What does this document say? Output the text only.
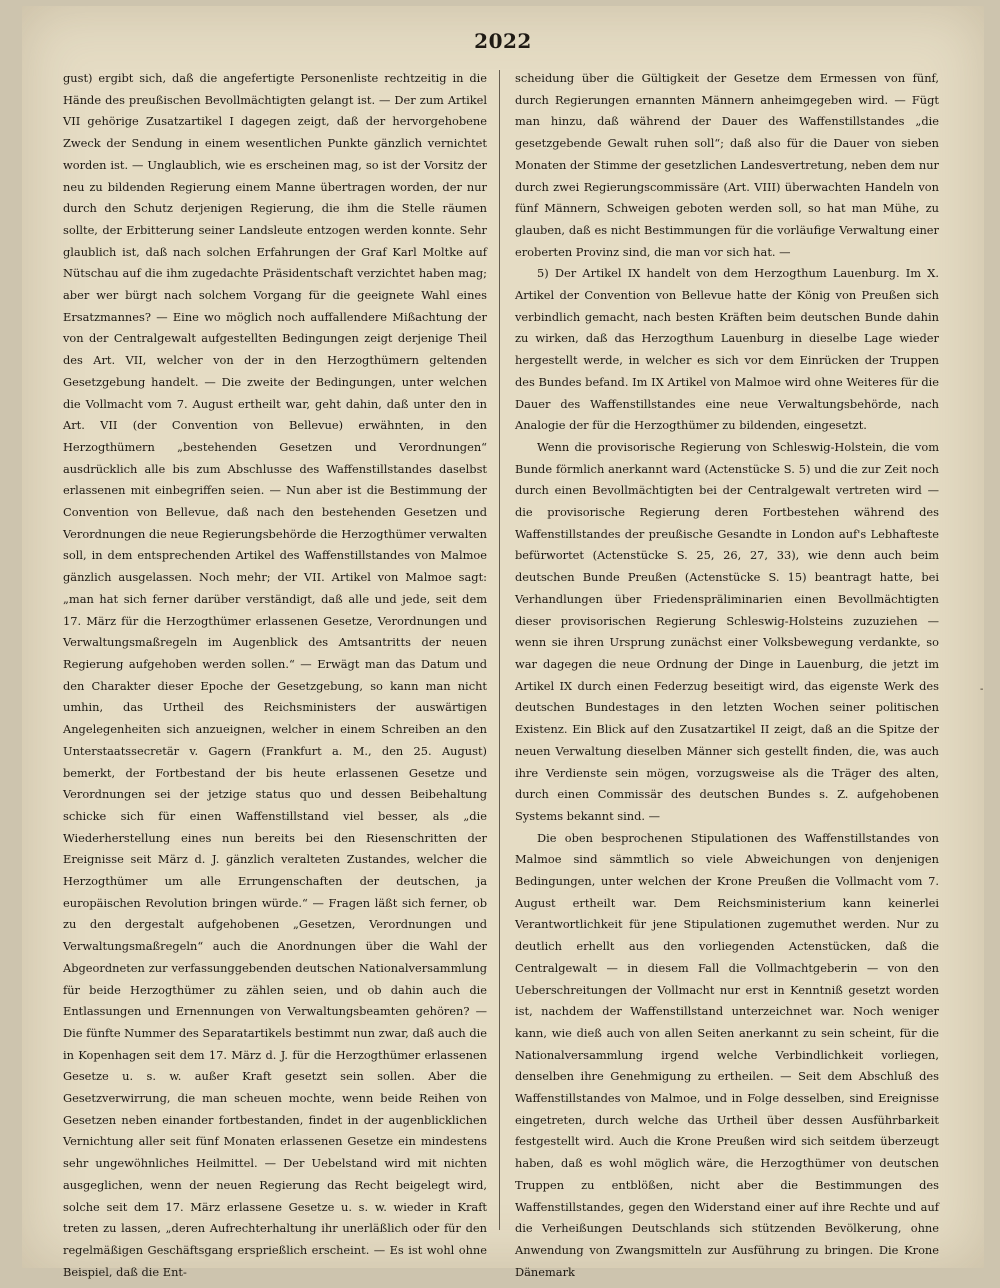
2022

gust) ergibt sich, daß die angefertigte Personenliste rechtzeitig in die Hände des preußischen Bevollmächtigten gelangt ist. — Der zum Artikel VII gehörige Zusatzartikel I dagegen zeigt, daß der hervorgehobene Zweck der Sendung in einem wesentlichen Punkte gänzlich vernichtet worden ist. — Unglaublich, wie es erscheinen mag, so ist der Vorsitz der neu zu bildenden Regierung einem Manne übertragen worden, der nur durch den Schutz derjenigen Regierung, die ihm die Stelle räumen sollte, der Erbitterung seiner Landsleute entzogen werden konnte. Sehr glaublich ist, daß nach solchen Erfahrungen der Graf Karl Moltke auf Nütschau auf die ihm zugedachte Präsidentschaft verzichtet haben mag; aber wer bürgt nach solchem Vorgang für die geeignete Wahl eines Ersatzmannes? — Eine wo möglich noch auffallendere Mißachtung der von der Centralgewalt aufgestellten Bedingungen zeigt derjenige Theil des Art. VII, welcher von der in den Herzogthümern geltenden Gesetzgebung handelt. — Die zweite der Bedingungen, unter welchen die Vollmacht vom 7. August ertheilt war, geht dahin, daß unter den in Art. VII (der Convention von Bellevue) erwähnten, in den Herzogthümern „bestehenden Gesetzen und Verordnungen“ ausdrücklich alle bis zum Abschlusse des Waffenstillstandes daselbst erlassenen mit einbegriffen seien. — Nun aber ist die Bestimmung der Convention von Bellevue, daß nach den bestehenden Gesetzen und Verordnungen die neue Regierungsbehörde die Herzogthümer verwalten soll, in dem entsprechenden Artikel des Waffenstillstandes von Malmoe gänzlich ausgelassen. Noch mehr; der VII. Artikel von Malmoe sagt: „man hat sich ferner darüber verständigt, daß alle und jede, seit dem 17. März für die Herzogthümer erlassenen Gesetze, Verordnungen und Verwaltungsmaßregeln im Augenblick des Amtsantritts der neuen Regierung aufgehoben werden sollen.“ — Erwägt man das Datum und den Charakter dieser Epoche der Gesetzgebung, so kann man nicht umhin, das Urtheil des Reichsministers der auswärtigen Angelegenheiten sich anzueignen, welcher in einem Schreiben an den Unterstaatssecretär v. Gagern (Frankfurt a. M., den 25. August) bemerkt, der Fortbestand der bis heute erlassenen Gesetze und Verordnungen sei der jetzige status quo und dessen Beibehaltung schicke sich für einen Waffenstillstand viel besser, als „die Wiederherstellung eines nun bereits bei den Riesenschritten der Ereignisse seit März d. J. gänzlich veralteten Zustandes, welcher die Herzogthümer um alle Errungenschaften der deutschen, ja europäischen Revolution bringen würde.“ — Fragen läßt sich ferner, ob zu den dergestalt aufgehobenen „Gesetzen, Verordnungen und Verwaltungsmaßregeln“ auch die Anordnungen über die Wahl der Abgeordneten zur verfassunggebenden deutschen Nationalversammlung für beide Herzogthümer zu zählen seien, und ob dahin auch die Entlassungen und Ernennungen von Verwaltungsbeamten gehören? — Die fünfte Nummer des Separatartikels bestimmt nun zwar, daß auch die in Kopenhagen seit dem 17. März d. J. für die Herzogthümer erlassenen Gesetze u. s. w. außer Kraft gesetzt sein sollen. Aber die Gesetzverwirrung, die man scheuen mochte, wenn beide Reihen von Gesetzen neben einander fortbestanden, findet in der augenblicklichen Vernichtung aller seit fünf Monaten erlassenen Gesetze ein mindestens sehr ungewöhnliches Heilmittel. — Der Uebelstand wird mit nichten ausgeglichen, wenn der neuen Regierung das Recht beigelegt wird, solche seit dem 17. März erlassene Gesetze u. s. w. wieder in Kraft treten zu lassen, „deren Aufrechterhaltung ihr unerläßlich oder für den regelmäßigen Geschäftsgang ersprießlich erscheint. — Es ist wohl ohne Beispiel, daß die Ent-

scheidung über die Gültigkeit der Gesetze dem Ermessen von fünf, durch Regierungen ernannten Männern anheimgegeben wird. — Fügt man hinzu, daß während der Dauer des Waffenstillstandes „die gesetzgebende Gewalt ruhen soll“; daß also für die Dauer von sieben Monaten der Stimme der gesetzlichen Landesvertretung, neben dem nur durch zwei Regierungscommissäre (Art. VIII) überwachten Handeln von fünf Männern, Schweigen geboten werden soll, so hat man Mühe, zu glauben, daß es nicht Bestimmungen für die vorläufige Verwaltung einer eroberten Provinz sind, die man vor sich hat. —

5) Der Artikel IX handelt von dem Herzogthum Lauenburg. Im X. Artikel der Convention von Bellevue hatte der König von Preußen sich verbindlich gemacht, nach besten Kräften beim deutschen Bunde dahin zu wirken, daß das Herzogthum Lauenburg in dieselbe Lage wieder hergestellt werde, in welcher es sich vor dem Einrücken der Truppen des Bundes befand. Im IX Artikel von Malmoe wird ohne Weiteres für die Dauer des Waffenstillstandes eine neue Verwaltungsbehörde, nach Analogie der für die Herzogthümer zu bildenden, eingesetzt.

Wenn die provisorische Regierung von Schleswig-Holstein, die vom Bunde förmlich anerkannt ward (Actenstücke S. 5) und die zur Zeit noch durch einen Bevollmächtigten bei der Centralgewalt vertreten wird — die provisorische Regierung deren Fortbestehen während des Waffenstillstandes der preußische Gesandte in London auf's Lebhafteste befürwortet (Actenstücke S. 25, 26, 27, 33), wie denn auch beim deutschen Bunde Preußen (Actenstücke S. 15) beantragt hatte, bei Verhandlungen über Friedenspräliminarien einen Bevollmächtigten dieser provisorischen Regierung Schleswig-Holsteins zuzuziehen — wenn sie ihren Ursprung zunächst einer Volksbewegung verdankte, so war dagegen die neue Ordnung der Dinge in Lauenburg, die jetzt im Artikel IX durch einen Federzug beseitigt wird, das eigenste Werk des deutschen Bundestages in den letzten Wochen seiner politischen Existenz. Ein Blick auf den Zusatzartikel II zeigt, daß an die Spitze der neuen Verwaltung dieselben Männer sich gestellt finden, die, was auch ihre Verdienste sein mögen, vorzugsweise als die Träger des alten, durch einen Commissär des deutschen Bundes s. Z. aufgehobenen Systems bekannt sind. —

Die oben besprochenen Stipulationen des Waffenstillstandes von Malmoe sind sämmtlich so viele Abweichungen von denjenigen Bedingungen, unter welchen der Krone Preußen die Vollmacht vom 7. August ertheilt war. Dem Reichsministerium kann keinerlei Verantwortlichkeit für jene Stipulationen zugemuthet werden. Nur zu deutlich erhellt aus den vorliegenden Actenstücken, daß die Centralgewalt — in diesem Fall die Vollmachtgeberin — von den Ueberschreitungen der Vollmacht nur erst in Kenntniß gesetzt worden ist, nachdem der Waffenstillstand unterzeichnet war. Noch weniger kann, wie dieß auch von allen Seiten anerkannt zu sein scheint, für die Nationalversammlung irgend welche Verbindlichkeit vorliegen, denselben ihre Genehmigung zu ertheilen. — Seit dem Abschluß des Waffenstillstandes von Malmoe, und in Folge desselben, sind Ereignisse eingetreten, durch welche das Urtheil über dessen Ausführbarkeit festgestellt wird. Auch die Krone Preußen wird sich seitdem überzeugt haben, daß es wohl möglich wäre, die Herzogthümer von deutschen Truppen zu entblößen, nicht aber die Bestimmungen des Waffenstillstandes, gegen den Widerstand einer auf ihre Rechte und auf die Verheißungen Deutschlands sich stützenden Bevölkerung, ohne Anwendung von Zwangsmitteln zur Ausführung zu bringen. Die Krone Dänemark

-
